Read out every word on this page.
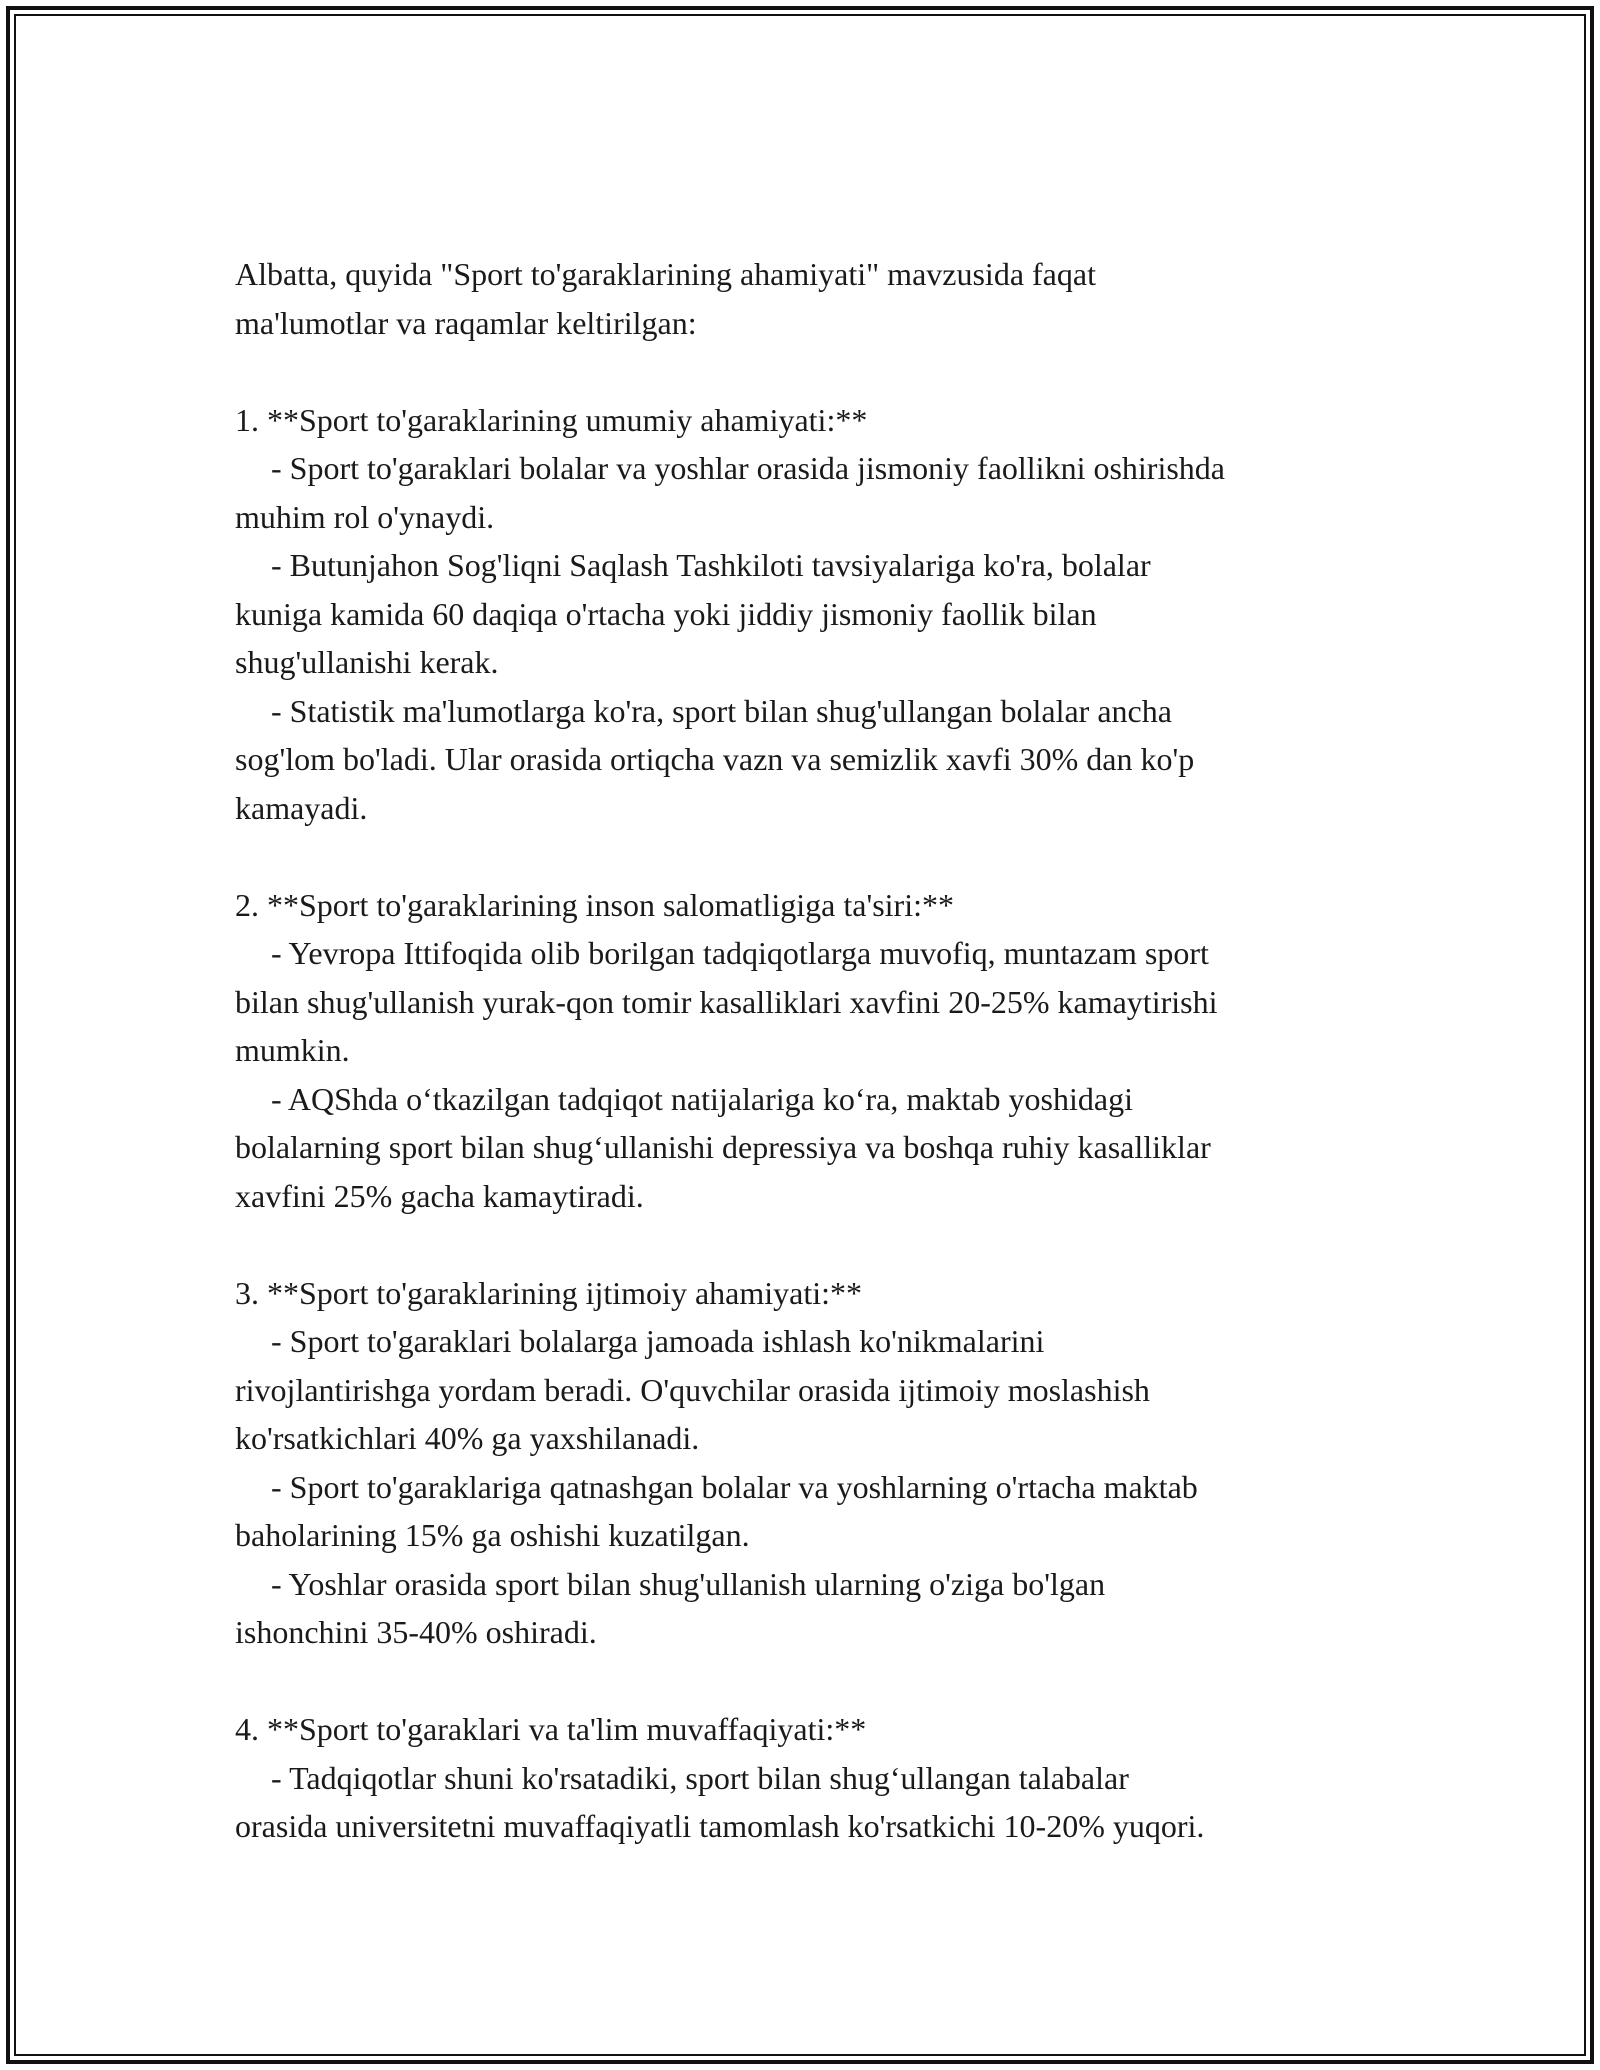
Albatta, quyida "Sport to'garaklarining ahamiyati" mavzusida faqat
ma'lumotlar va raqamlar keltirilgan:
1. **Sport to'garaklarining umumiy ahamiyati:**
- Sport to'garaklari bolalar va yoshlar orasida jismoniy faollikni oshirishda
muhim rol o'ynaydi.
- Butunjahon Sog'liqni Saqlash Tashkiloti tavsiyalariga ko'ra, bolalar
kuniga kamida 60 daqiqa o'rtacha yoki jiddiy jismoniy faollik bilan
shug'ullanishi kerak.
- Statistik ma'lumotlarga ko'ra, sport bilan shug'ullangan bolalar ancha
sog'lom bo'ladi. Ular orasida ortiqcha vazn va semizlik xavfi 30% dan ko'p
kamayadi.
2. **Sport to'garaklarining inson salomatligiga ta'siri:**
- Yevropa Ittifoqida olib borilgan tadqiqotlarga muvofiq, muntazam sport
bilan shug'ullanish yurak-qon tomir kasalliklari xavfini 20-25% kamaytirishi
mumkin.
- AQShda o‘tkazilgan tadqiqot natijalariga ko‘ra, maktab yoshidagi
bolalarning sport bilan shug‘ullanishi depressiya va boshqa ruhiy kasalliklar
xavfini 25% gacha kamaytiradi.
3. **Sport to'garaklarining ijtimoiy ahamiyati:**
- Sport to'garaklari bolalarga jamoada ishlash ko'nikmalarini
rivojlantirishga yordam beradi. O'quvchilar orasida ijtimoiy moslashish
ko'rsatkichlari 40% ga yaxshilanadi.
- Sport to'garaklariga qatnashgan bolalar va yoshlarning o'rtacha maktab
baholarining 15% ga oshishi kuzatilgan.
- Yoshlar orasida sport bilan shug'ullanish ularning o'ziga bo'lgan
ishonchini 35-40% oshiradi.
4. **Sport to'garaklari va ta'lim muvaffaqiyati:**
- Tadqiqotlar shuni ko'rsatadiki, sport bilan shug‘ullangan talabalar
orasida universitetni muvaffaqiyatli tamomlash ko'rsatkichi 10-20% yuqori.
